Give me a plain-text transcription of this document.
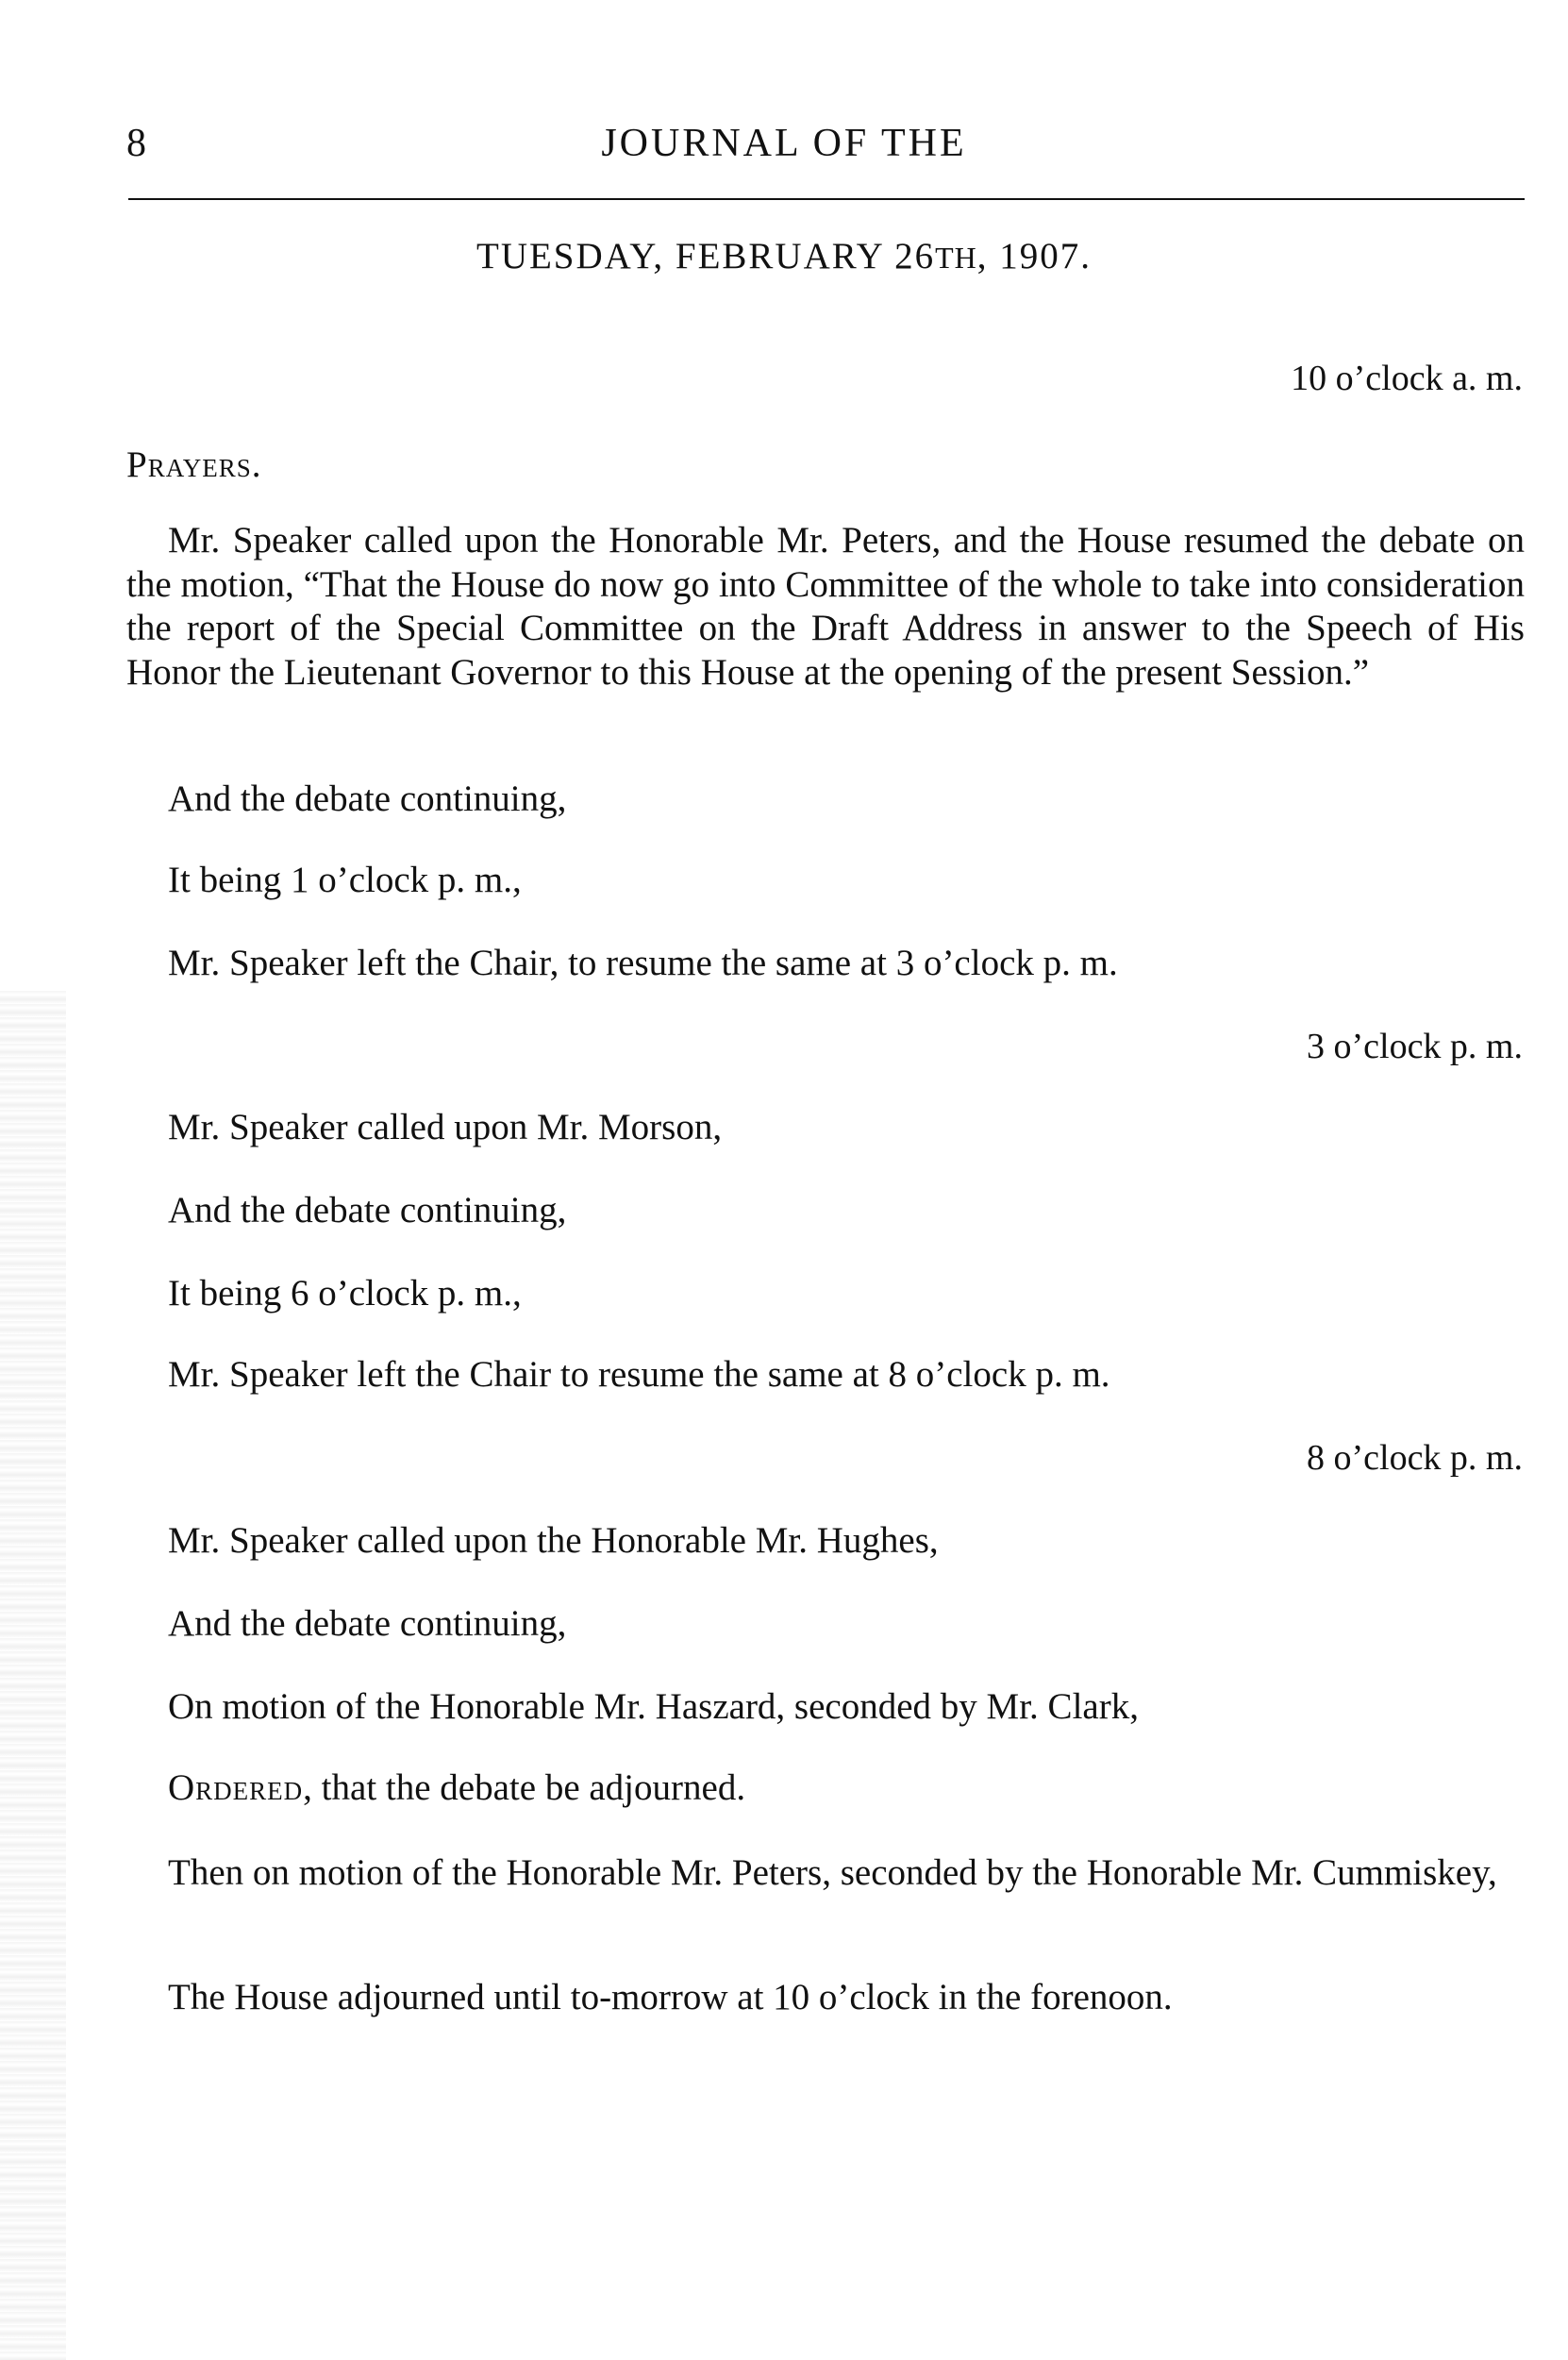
8	JOURNAL OF THE

TUESDAY, FEBRUARY 26TH, 1907.

10 o’clock a. m.

Prayers.

Mr. Speaker called upon the Honorable Mr. Peters, and the House resumed the debate on the motion, “That the House do now go into Committee of the whole to take into consideration the report of the Special Committee on the Draft Address in answer to the Speech of His Honor the Lieutenant Governor to this House at the opening of the present Session.”

And the debate continuing,

It being 1 o’clock p. m.,

Mr. Speaker left the Chair, to resume the same at 3 o’clock p. m.

3 o’clock p. m.

Mr. Speaker called upon Mr. Morson,

And the debate continuing,

It being 6 o’clock p. m.,

Mr. Speaker left the Chair to resume the same at 8 o’clock p. m.

8 o’clock p. m.

Mr. Speaker called upon the Honorable Mr. Hughes,

And the debate continuing,

On motion of the Honorable Mr. Haszard, seconded by Mr. Clark,

Ordered, that the debate be adjourned.

Then on motion of the Honorable Mr. Peters, seconded by the Honorable Mr. Cummiskey,

The House adjourned until to-morrow at 10 o’clock in the forenoon.
